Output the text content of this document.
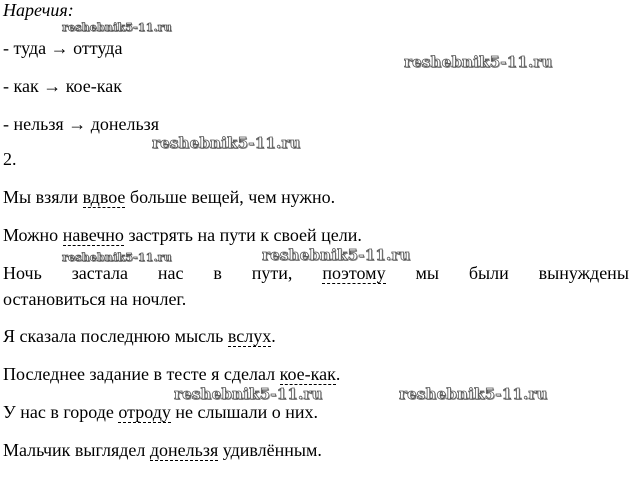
Наречия:
- туда → оттуда
- как → кое-как
- нельзя → донельзя
2.
Мы взяли вдвое больше вещей, чем нужно.
Можно навечно застрять на пути к своей цели.
Ночь застала нас в пути, поэтому мы были вынуждены
остановиться на ночлег.
Я сказала последнюю мысль вслух.
Последнее задание в тесте я сделал кое-как.
У нас в городе отроду не слышали о них.
Мальчик выглядел донельзя удивлённым.
reshebnik5-11.ru
reshebnik5-11.ru
reshebnik5-11.ru
reshebnik5-11.ru	reshebnik5-11.ru
reshebnik5-11.ru	reshebnik5-11.ru
